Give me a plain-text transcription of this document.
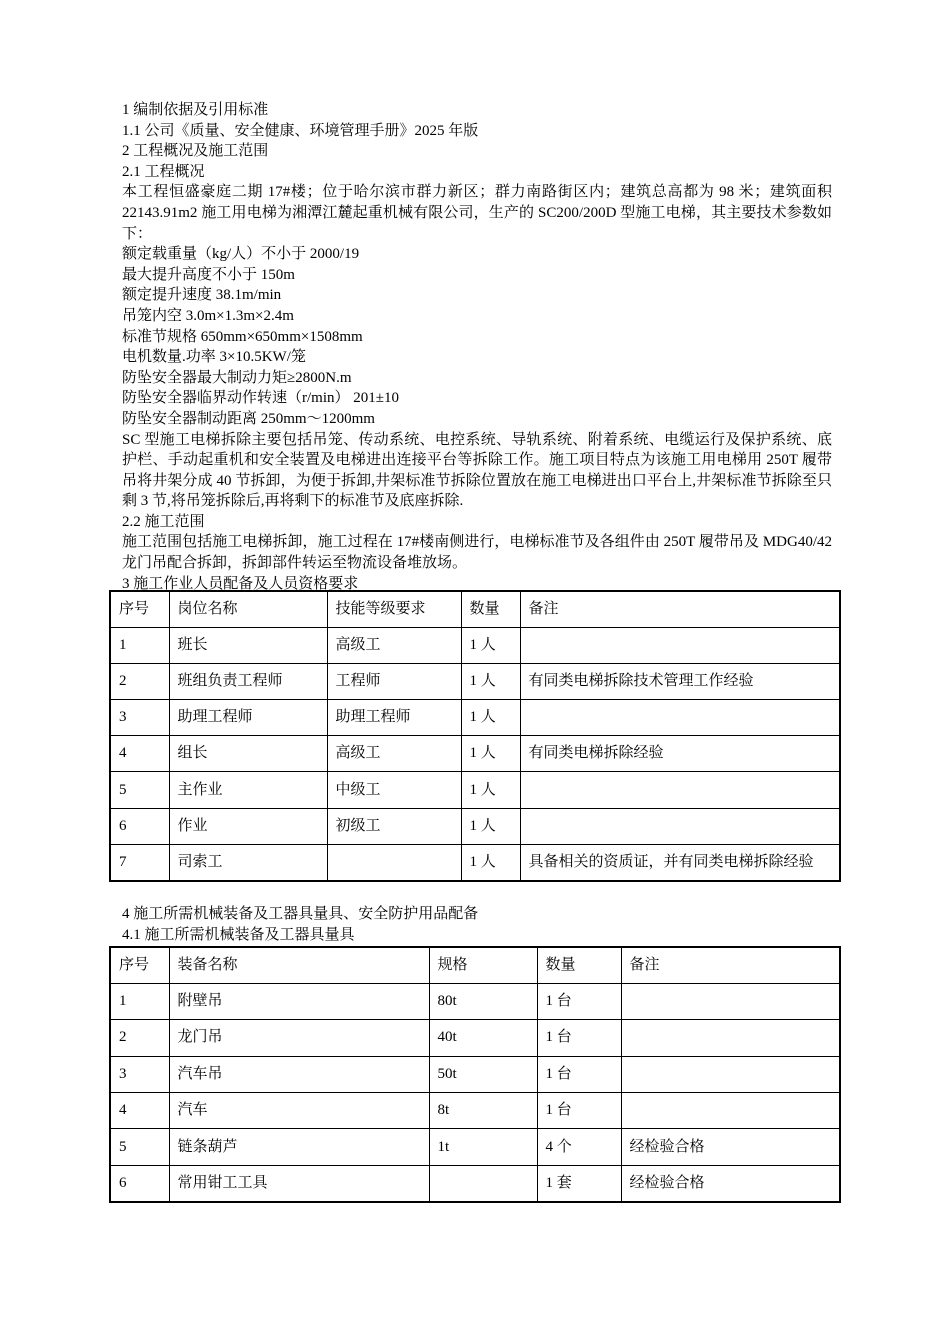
1 编制依据及引用标准
1.1 公司《质量、安全健康、环境管理手册》2025 年版
2 工程概况及施工范围
2.1 工程概况
本工程恒盛豪庭二期 17#楼；位于哈尔滨市群力新区；群力南路街区内；建筑总高都为 98 米；建筑面积 22143.91m2 施工用电梯为湘潭江麓起重机械有限公司，生产的 SC200/200D 型施工电梯，其主要技术参数如下：
额定载重量（kg/人）不小于 2000/19
最大提升高度不小于 150m
额定提升速度 38.1m/min
吊笼内空 3.0m×1.3m×2.4m
标准节规格 650mm×650mm×1508mm
电机数量.功率 3×10.5KW/笼
防坠安全器最大制动力矩≥2800N.m
防坠安全器临界动作转速（r/min） 201±10
防坠安全器制动距离 250mm～1200mm
SC 型施工电梯拆除主要包括吊笼、传动系统、电控系统、导轨系统、附着系统、电缆运行及保护系统、底护栏、手动起重机和安全装置及电梯进出连接平台等拆除工作。施工项目特点为该施工用电梯用 250T 履带吊将井架分成 40 节拆卸，为便于拆卸,井架标准节拆除位置放在施工电梯进出口平台上,井架标准节拆除至只剩 3 节,将吊笼拆除后,再将剩下的标准节及底座拆除.
2.2 施工范围
施工范围包括施工电梯拆卸，施工过程在 17#楼南侧进行，电梯标准节及各组件由 250T 履带吊及 MDG40/42 龙门吊配合拆卸，拆卸部件转运至物流设备堆放场。
3 施工作业人员配备及人员资格要求
序号	岗位名称	技能等级要求	数量	备注
1	班长	高级工	1 人	
2	班组负责工程师	工程师	1 人	有同类电梯拆除技术管理工作经验
3	助理工程师	助理工程师	1 人	
4	组长	高级工	1 人	有同类电梯拆除经验
5	主作业	中级工	1 人	
6	作业	初级工	1 人	
7	司索工		1 人	具备相关的资质证，并有同类电梯拆除经验
4 施工所需机械装备及工器具量具、安全防护用品配备
4.1 施工所需机械装备及工器具量具
序号	装备名称	规格	数量	备注
1	附壁吊	80t	1 台	
2	龙门吊	40t	1 台	
3	汽车吊	50t	1 台	
4	汽车	8t	1 台	
5	链条葫芦	1t	4 个	经检验合格
6	常用钳工工具		1 套	经检验合格
